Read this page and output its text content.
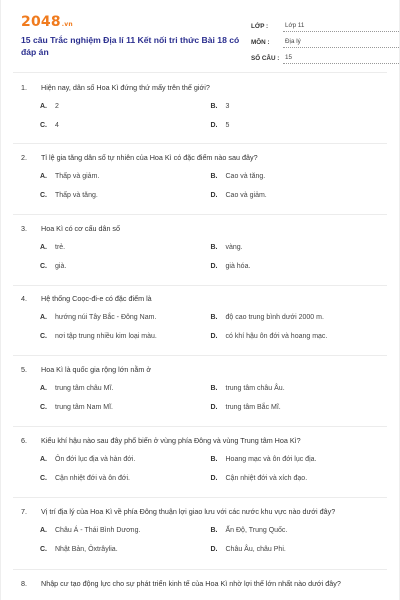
2048.vn
15 câu Trắc nghiệm Địa lí 11 Kết nối tri thức Bài 18 có đáp án
LỚP :	Lớp 11
MÔN :	Địa lý
SỐ CÂU : 15
1.	Hiện nay, dân số Hoa Kì đứng thứ mấy trên thế giới?
A.	2	B.	3
C.	4	D.	5
2.	Tỉ lệ gia tăng dân số tự nhiên của Hoa Kì có đặc điểm nào sau đây?
A.	Thấp và giảm.	B.	Cao và tăng.
C.	Thấp và tăng.	D.	Cao và giảm.
3.	Hoa Kì có cơ cấu dân số
A.	trẻ.	B.	vàng.
C.	già.	D.	già hóa.
4.	Hệ thống Coọc-đi-e có đặc điểm là
A.	hướng núi Tây Bắc - Đông Nam.	B.	độ cao trung bình dưới 2000 m.
C.	nơi tập trung nhiều kim loại màu.	D.	có khí hậu ôn đới và hoang mạc.
5.	Hoa Kì là quốc gia rộng lớn nằm ở
A.	trung tâm châu Mĩ.	B.	trung tâm châu Âu.
C.	trung tâm Nam Mĩ.	D.	trung tâm Bắc Mĩ.
6.	Kiểu khí hậu nào sau đây phổ biến ở vùng phía Đông và vùng Trung tâm Hoa Kì?
A.	Ôn đới lục địa và hàn đới.	B.	Hoang mạc và ôn đới lục địa.
C.	Cận nhiệt đới và ôn đới.	D.	Cận nhiệt đới và xích đạo.
7.	Vị trí địa lý của Hoa Kì về phía Đông thuận lợi giao lưu với các nước khu vực nào dưới đây?
A.	Châu Á - Thái Bình Dương.	B.	Ấn Độ, Trung Quốc.
C.	Nhật Bản, Ôxtrâylia.	D.	Châu Âu, châu Phi.
8.	Nhập cư tạo động lực cho sự phát triển kinh tế của Hoa Kì nhờ lợi thế lớn nhất nào dưới đây?
